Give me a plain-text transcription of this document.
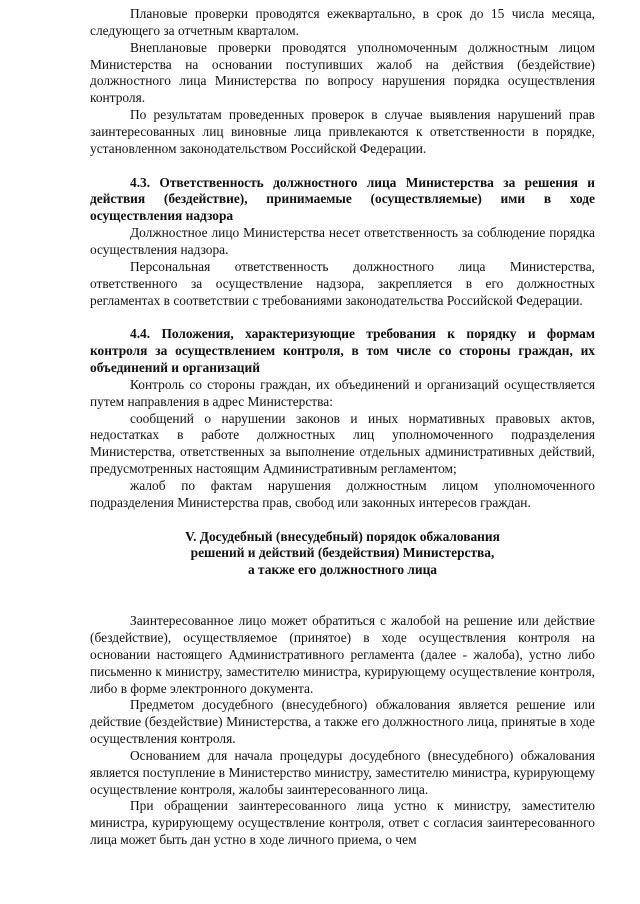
Плановые проверки проводятся ежеквартально, в срок до 15 числа месяца, следующего за отчетным кварталом.

Внеплановые проверки проводятся уполномоченным должностным лицом Министерства на основании поступивших жалоб на действия (бездействие) должностного лица Министерства по вопросу нарушения порядка осуществления контроля.

По результатам проведенных проверок в случае выявления нарушений прав заинтересованных лиц виновные лица привлекаются к ответственности в порядке, установленном законодательством Российской Федерации.

4.3. Ответственность должностного лица Министерства за решения и действия (бездействие), принимаемые (осуществляемые) ими в ходе осуществления надзора

Должностное лицо Министерства несет ответственность за соблюдение порядка осуществления надзора.

Персональная ответственность должностного лица Министерства, ответственного за осуществление надзора, закрепляется в его должностных регламентах в соответствии с требованиями законодательства Российской Федерации.

4.4. Положения, характеризующие требования к порядку и формам контроля за осуществлением контроля, в том числе со стороны граждан, их объединений и организаций

Контроль со стороны граждан, их объединений и организаций осуществляется путем направления в адрес Министерства:

сообщений о нарушении законов и иных нормативных правовых актов, недостатках в работе должностных лиц уполномоченного подразделения Министерства, ответственных за выполнение отдельных административных действий, предусмотренных настоящим Административным регламентом;

жалоб по фактам нарушения должностным лицом уполномоченного подразделения Министерства прав, свобод или законных интересов граждан.

V. Досудебный (внесудебный) порядок обжалования

решений и действий (бездействия) Министерства,

а также его должностного лица

Заинтересованное лицо может обратиться с жалобой на решение или действие (бездействие), осуществляемое (принятое) в ходе осуществления контроля на основании настоящего Административного регламента (далее - жалоба), устно либо письменно к министру, заместителю министра, курирующему осуществление контроля, либо в форме электронного документа.

Предметом досудебного (внесудебного) обжалования является решение или действие (бездействие) Министерства, а также его должностного лица, принятые в ходе осуществления контроля.

Основанием для начала процедуры досудебного (внесудебного) обжалования является поступление в Министерство министру, заместителю министра, курирующему осуществление контроля, жалобы заинтересованного лица.

При обращении заинтересованного лица устно к министру, заместителю министра, курирующему осуществление контроля, ответ с согласия заинтересованного лица может быть дан устно в ходе личного приема, о чем
